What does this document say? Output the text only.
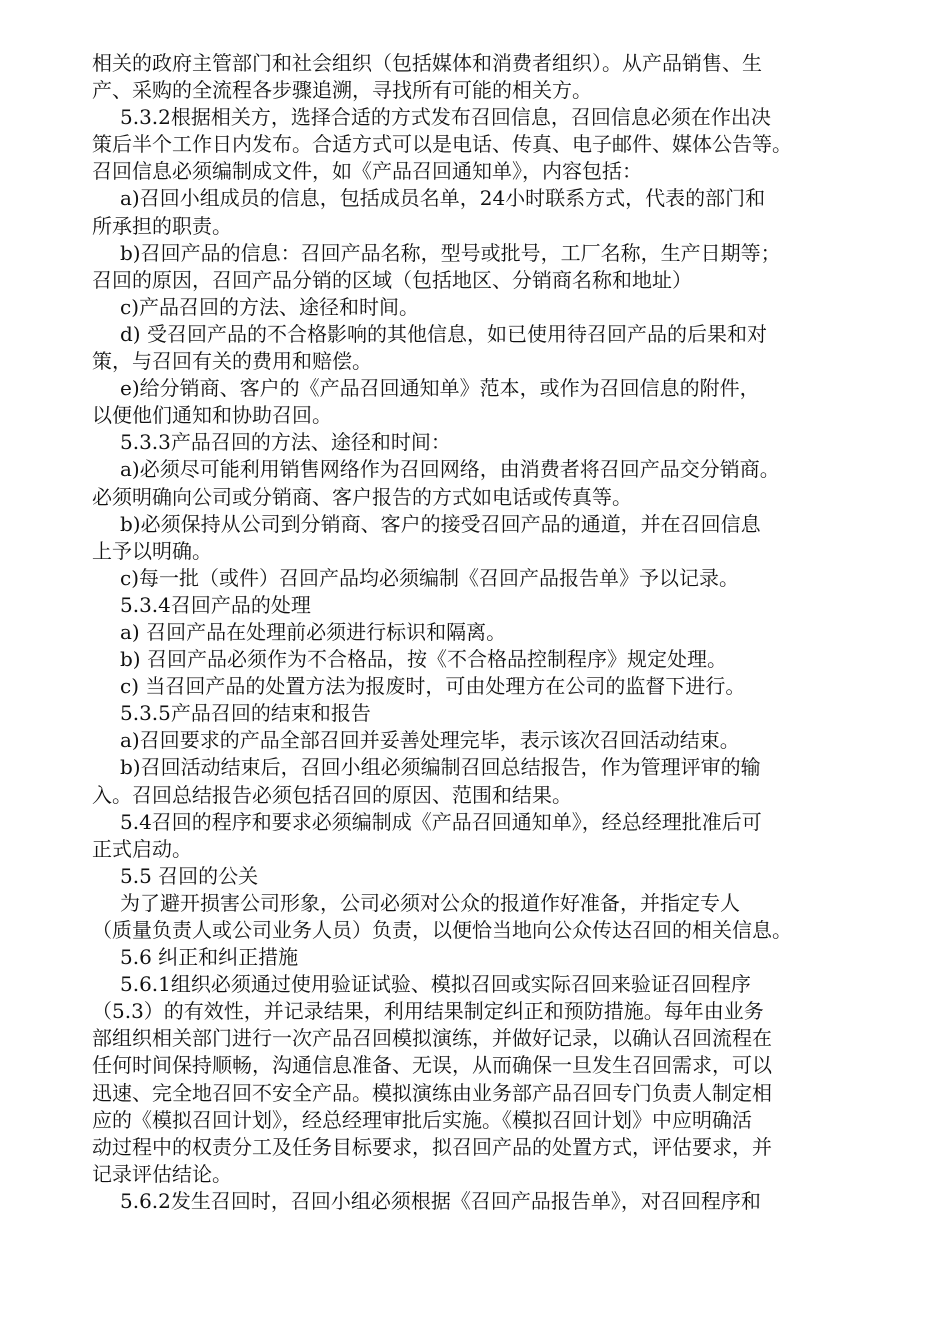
相关的政府主管部门和社会组织（包括媒体和消费者组织）。从产品销售、生
产、采购的全流程各步骤追溯，寻找所有可能的相关方。
5.3.2根据相关方，选择合适的方式发布召回信息，召回信息必须在作出决
策后半个工作日内发布。合适方式可以是电话、传真、电子邮件、媒体公告等。
召回信息必须编制成文件，如《产品召回通知单》，内容包括：
a)召回小组成员的信息，包括成员名单，24小时联系方式，代表的部门和
所承担的职责。
b)召回产品的信息：召回产品名称，型号或批号，工厂名称，生产日期等；
召回的原因，召回产品分销的区域（包括地区、分销商名称和地址）
c)产品召回的方法、途径和时间。
d) 受召回产品的不合格影响的其他信息，如已使用待召回产品的后果和对
策，与召回有关的费用和赔偿。
e)给分销商、客户的《产品召回通知单》范本，或作为召回信息的附件，
以便他们通知和协助召回。
5.3.3产品召回的方法、途径和时间：
a)必须尽可能利用销售网络作为召回网络，由消费者将召回产品交分销商。
必须明确向公司或分销商、客户报告的方式如电话或传真等。
b)必须保持从公司到分销商、客户的接受召回产品的通道，并在召回信息
上予以明确。
c)每一批（或件）召回产品均必须编制《召回产品报告单》予以记录。
5.3.4召回产品的处理
a) 召回产品在处理前必须进行标识和隔离。
b) 召回产品必须作为不合格品，按《不合格品控制程序》规定处理。
c) 当召回产品的处置方法为报废时，可由处理方在公司的监督下进行。
5.3.5产品召回的结束和报告
a)召回要求的产品全部召回并妥善处理完毕，表示该次召回活动结束。
b)召回活动结束后，召回小组必须编制召回总结报告，作为管理评审的输
入。召回总结报告必须包括召回的原因、范围和结果。
5.4召回的程序和要求必须编制成《产品召回通知单》，经总经理批准后可
正式启动。
5.5 召回的公关
为了避开损害公司形象，公司必须对公众的报道作好准备，并指定专人
（质量负责人或公司业务人员）负责，以便恰当地向公众传达召回的相关信息。
5.6 纠正和纠正措施
5.6.1组织必须通过使用验证试验、模拟召回或实际召回来验证召回程序
（5.3）的有效性，并记录结果，利用结果制定纠正和预防措施。每年由业务
部组织相关部门进行一次产品召回模拟演练，并做好记录，以确认召回流程在
任何时间保持顺畅，沟通信息准备、无误，从而确保一旦发生召回需求，可以
迅速、完全地召回不安全产品。模拟演练由业务部产品召回专门负责人制定相
应的《模拟召回计划》，经总经理审批后实施。《模拟召回计划》中应明确活
动过程中的权责分工及任务目标要求，拟召回产品的处置方式，评估要求，并
记录评估结论。
5.6.2发生召回时，召回小组必须根据《召回产品报告单》，对召回程序和
